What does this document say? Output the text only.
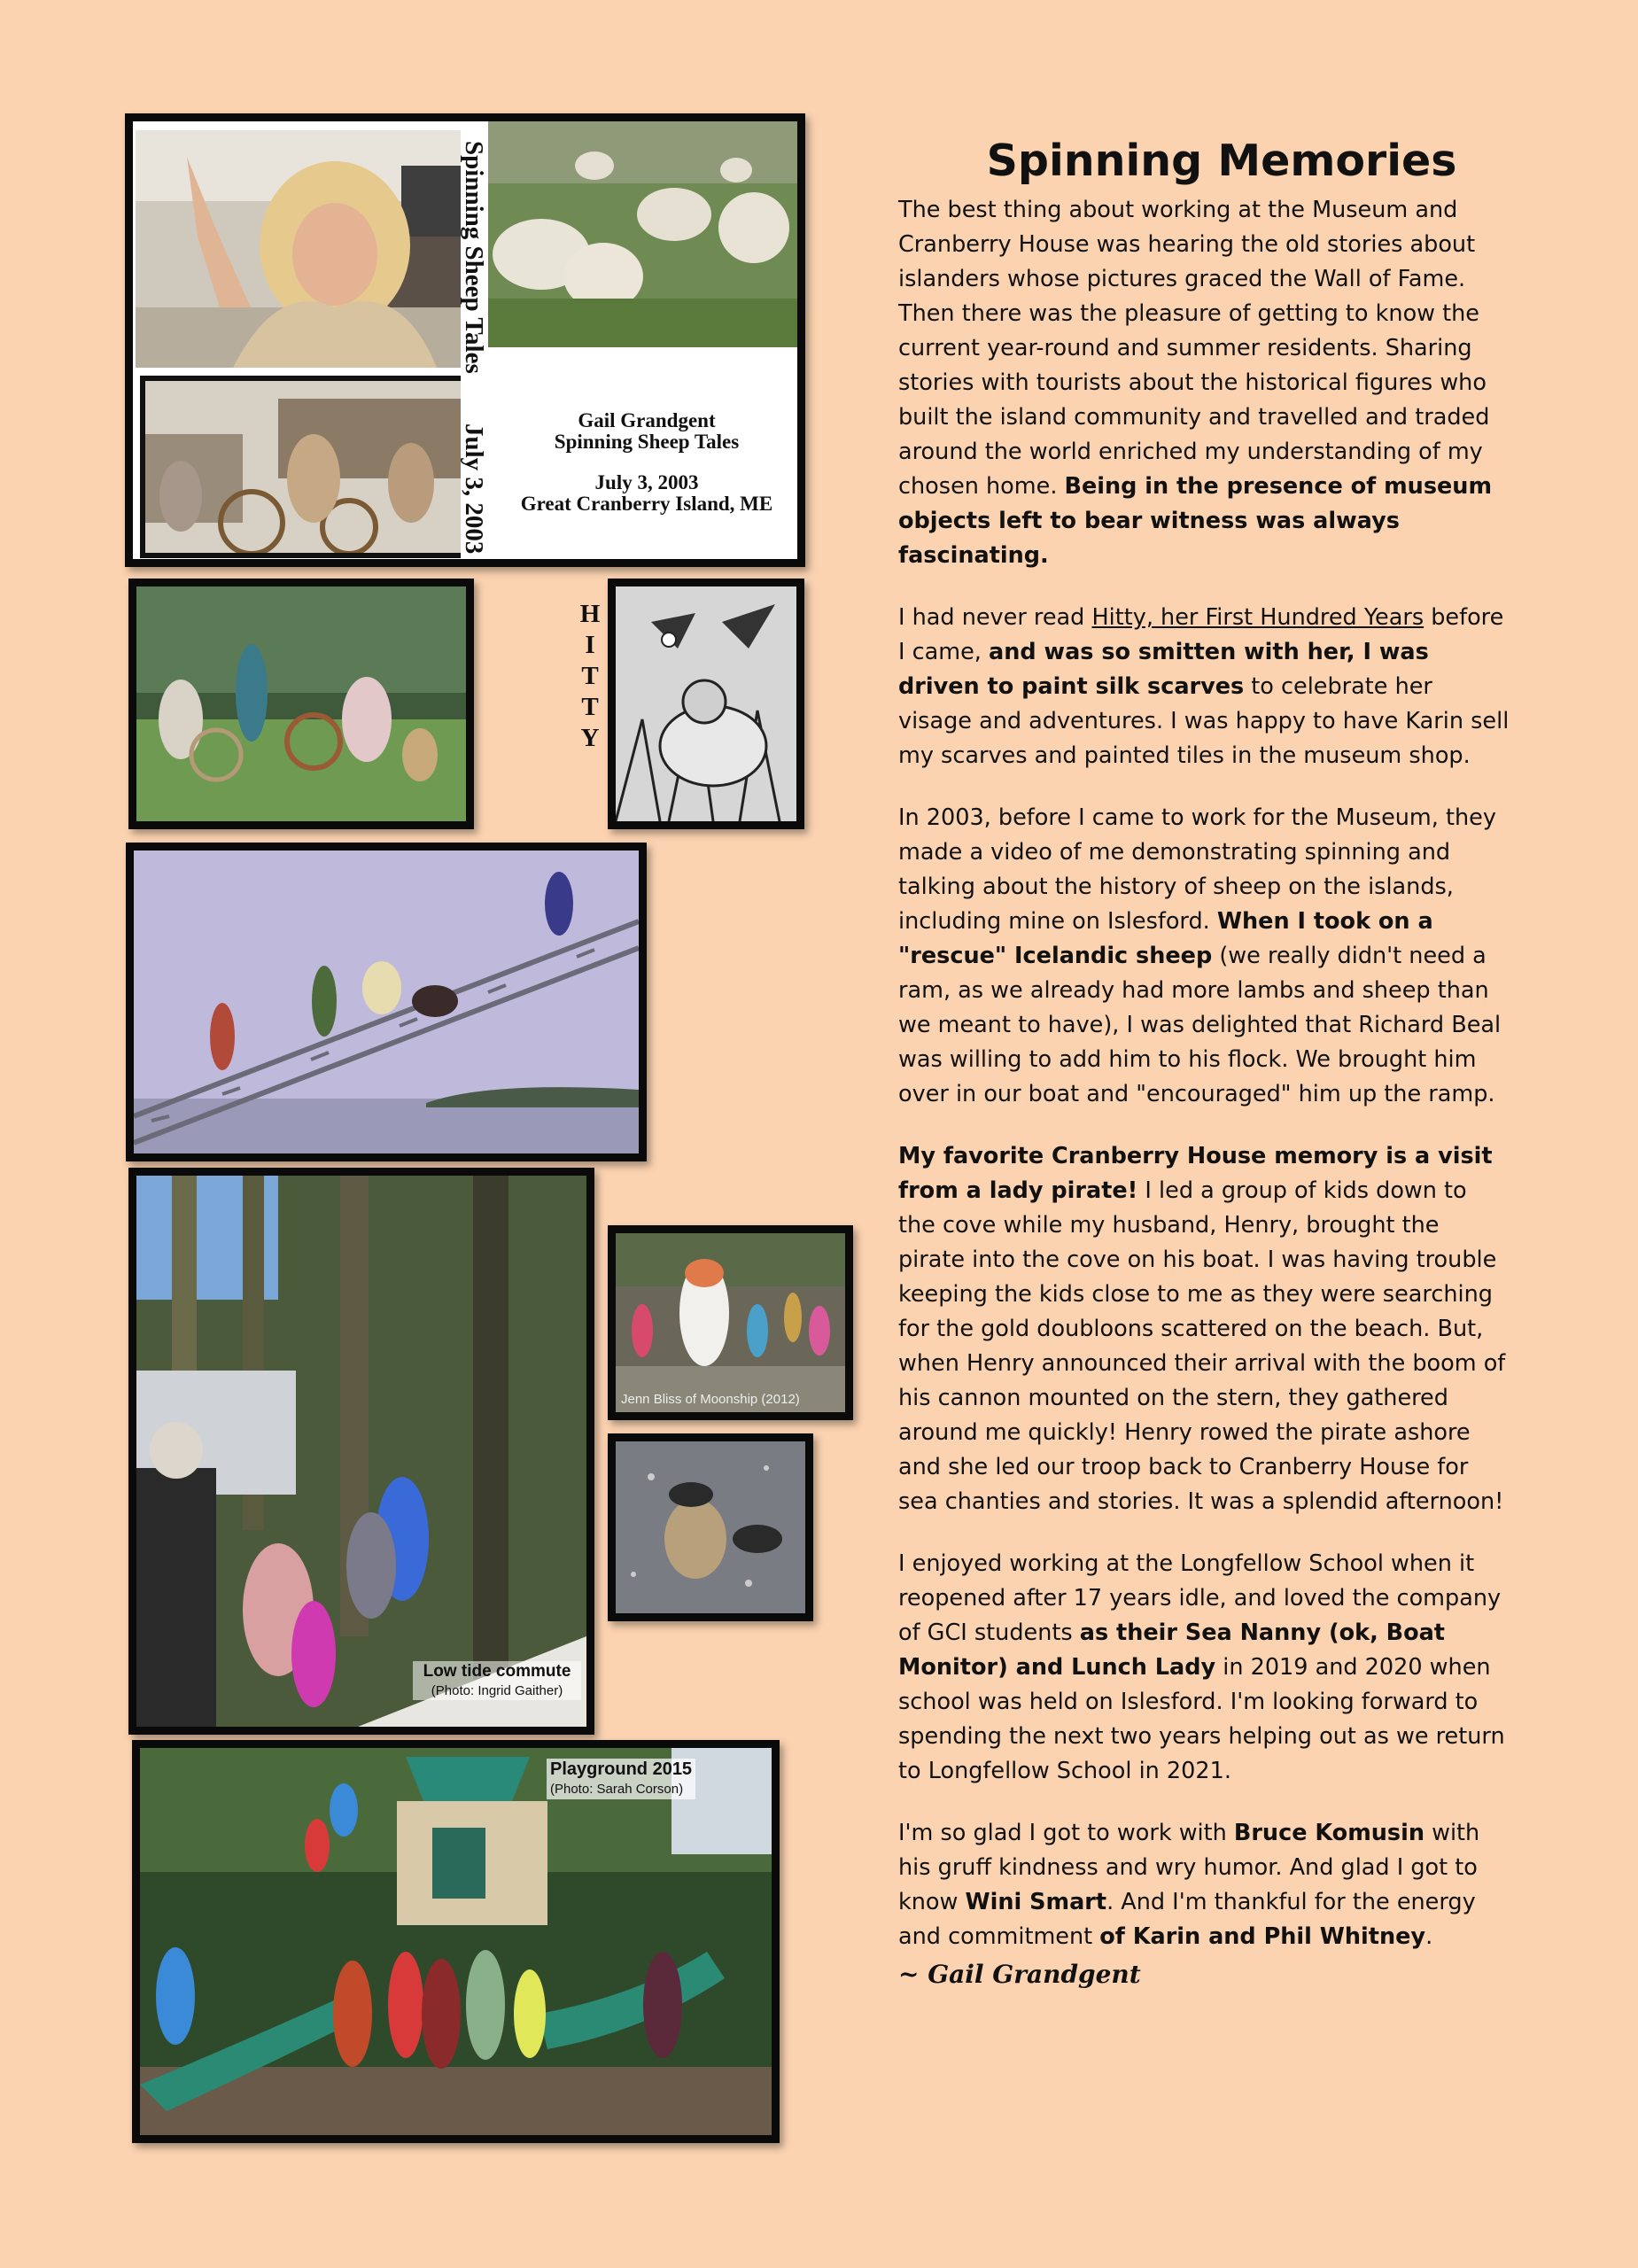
Spinning Sheep Tales
July 3, 2003
Gail Grandgent
Spinning Sheep Tales
July 3, 2003
Great Cranberry Island, ME
H
I
T
T
Y
Low tide commute
(Photo: Ingrid Gaither)
Jenn Bliss of Moonship (2012)
Playground 2015
(Photo: Sarah Corson)
Spinning Memories

The best thing about working at the Museum and Cranberry House was hearing the old stories about islanders whose pictures graced the Wall of Fame. Then there was the pleasure of getting to know the current year-round and summer residents. Sharing stories with tourists about the historical figures who built the island community and travelled and traded around the world enriched my understanding of my chosen home. Being in the presence of museum objects left to bear witness was always fascinating.

I had never read Hitty, her First Hundred Years before I came, and was so smitten with her, I was driven to paint silk scarves to celebrate her visage and adventures. I was happy to have Karin sell my scarves and painted tiles in the museum shop.

In 2003, before I came to work for the Museum, they made a video of me demonstrating spinning and talking about the history of sheep on the islands, including mine on Islesford. When I took on a "rescue" Icelandic sheep (we really didn't need a ram, as we already had more lambs and sheep than we meant to have), I was delighted that Richard Beal was willing to add him to his flock. We brought him over in our boat and "encouraged" him up the ramp.

My favorite Cranberry House memory is a visit from a lady pirate! I led a group of kids down to the cove while my husband, Henry, brought the pirate into the cove on his boat. I was having trouble keeping the kids close to me as they were searching for the gold doubloons scattered on the beach. But, when Henry announced their arrival with the boom of his cannon mounted on the stern, they gathered around me quickly! Henry rowed the pirate ashore and she led our troop back to Cranberry House for sea chanties and stories. It was a splendid afternoon!

I enjoyed working at the Longfellow School when it reopened after 17 years idle, and loved the company of GCI students as their Sea Nanny (ok, Boat Monitor) and Lunch Lady in 2019 and 2020 when school was held on Islesford. I'm looking forward to spending the next two years helping out as we return to Longfellow School in 2021.

I'm so glad I got to work with Bruce Komusin with his gruff kindness and wry humor. And glad I got to know Wini Smart. And I'm thankful for the energy and commitment of Karin and Phil Whitney.

~ Gail Grandgent
